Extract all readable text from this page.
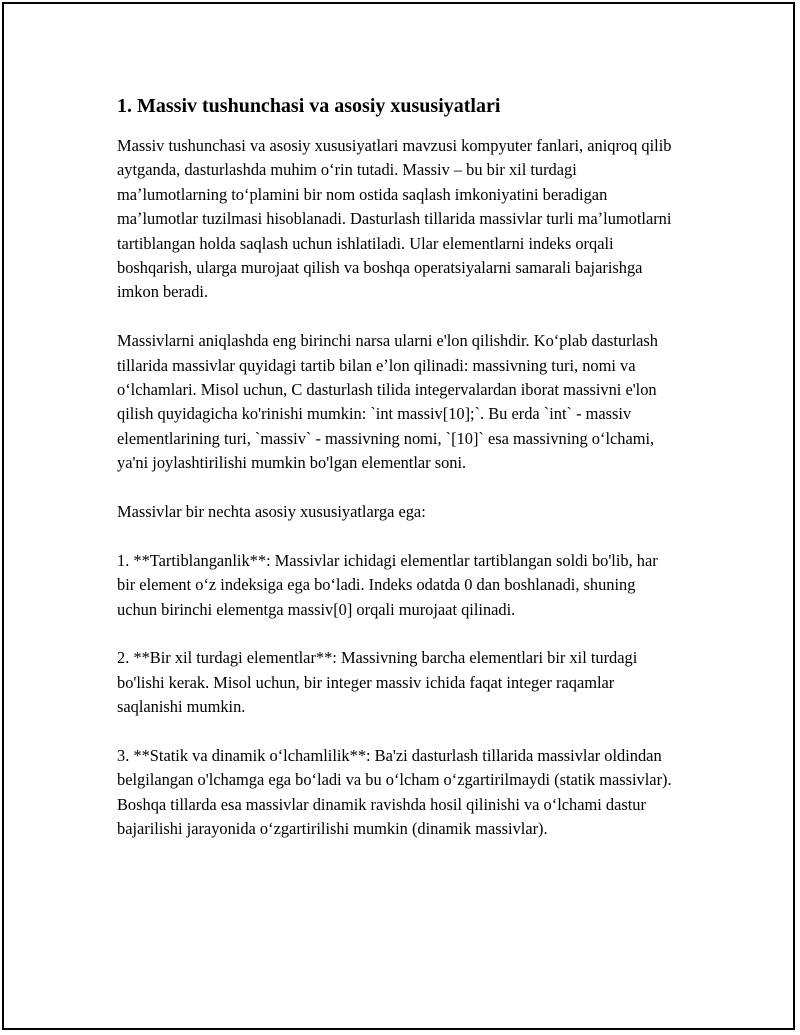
1. Massiv tushunchasi va asosiy xususiyatlari

Massiv tushunchasi va asosiy xususiyatlari mavzusi kompyuter fanlari, aniqroq qilib aytganda, dasturlashda muhim oʻrin tutadi. Massiv – bu bir xil turdagi maʼlumotlarning toʻplamini bir nom ostida saqlash imkoniyatini beradigan maʼlumotlar tuzilmasi hisoblanadi. Dasturlash tillarida massivlar turli maʼlumotlarni tartiblangan holda saqlash uchun ishlatiladi. Ular elementlarni indeks orqali boshqarish, ularga murojaat qilish va boshqa operatsiyalarni samarali bajarishga imkon beradi.

Massivlarni aniqlashda eng birinchi narsa ularni e'lon qilishdir. Koʻplab dasturlash tillarida massivlar quyidagi tartib bilan eʼlon qilinadi: massivning turi, nomi va oʻlchamlari. Misol uchun, C dasturlash tilida integervalardan iborat massivni e'lon qilish quyidagicha ko'rinishi mumkin: `int massiv[10];`. Bu erda `int` - massiv elementlarining turi, `massiv` - massivning nomi, `[10]` esa massivning oʻlchami, ya'ni joylashtirilishi mumkin bo'lgan elementlar soni.

Massivlar bir nechta asosiy xususiyatlarga ega:

1. **Tartiblanganlik**: Massivlar ichidagi elementlar tartiblangan soldi bo'lib, har bir element oʻz indeksiga ega boʻladi. Indeks odatda 0 dan boshlanadi, shuning uchun birinchi elementga massiv[0] orqali murojaat qilinadi.

2. **Bir xil turdagi elementlar**: Massivning barcha elementlari bir xil turdagi bo'lishi kerak. Misol uchun, bir integer massiv ichida faqat integer raqamlar saqlanishi mumkin.

3. **Statik va dinamik oʻlchamlilik**: Ba'zi dasturlash tillarida massivlar oldindan belgilangan o'lchamga ega boʻladi va bu oʻlcham oʻzgartirilmaydi (statik massivlar). Boshqa tillarda esa massivlar dinamik ravishda hosil qilinishi va oʻlchami dastur bajarilishi jarayonida oʻzgartirilishi mumkin (dinamik massivlar).
